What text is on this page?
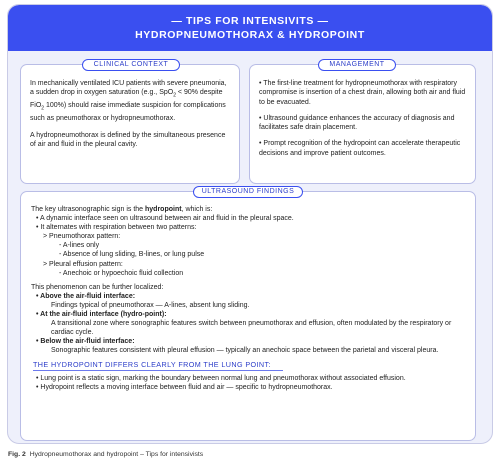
— TIPS FOR INTENSIVITS —
HYDROPNEUMOTHORAX & HYDROPOINT

In mechanically ventilated ICU patients with severe pneumonia, a sudden drop in oxygen saturation (e.g., SpO$_2$ < 90% despite FiO$_2$ 100%) should raise immediate suspicion for complications such as pneumothorax or hydropneumothorax.

A hydropneumothorax is defined by the simultaneous presence of air and fluid in the pleural cavity.

CLINICAL CONTEXT

• The first-line treatment for hydropneumothorax with respiratory compromise is insertion of a chest drain, allowing both air and fluid to be evacuated.

• Ultrasound guidance enhances the accuracy of diagnosis and facilitates safe drain placement.

• Prompt recognition of the hydropoint can accelerate therapeutic decisions and improve patient outcomes.

MANAGEMENT

The key ultrasonographic sign is the hydropoint, which is:

• A dynamic interface seen on ultrasound between air and fluid in the pleural space.

• It alternates with respiration between two patterns:

> Pneumothorax pattern:

- A-lines only

- Absence of lung sliding, B-lines, or lung pulse

> Pleural effusion pattern:

- Anechoic or hypoechoic fluid collection

This phenomenon can be further localized:

• Above the air-fluid interface:

Findings typical of pneumothorax — A-lines, absent lung sliding.

• At the air-fluid interface (hydro-point):

A transitional zone where sonographic features switch between pneumothorax and effusion, often modulated by the respiratory or cardiac cycle.

• Below the air-fluid interface:

Sonographic features consistent with pleural effusion — typically an anechoic space between the parietal and visceral pleura.

THE HYDROPOINT DIFFERS CLEARLY FROM THE LUNG POINT:

• Lung point is a static sign, marking the boundary between normal lung and pneumothorax without associated effusion.

• Hydropoint reflects a moving interface between fluid and air — specific to hydropneumothorax.

ULTRASOUND FINDINGS
Fig. 2 Hydropneumothorax and hydropoint – Tips for intensivists
